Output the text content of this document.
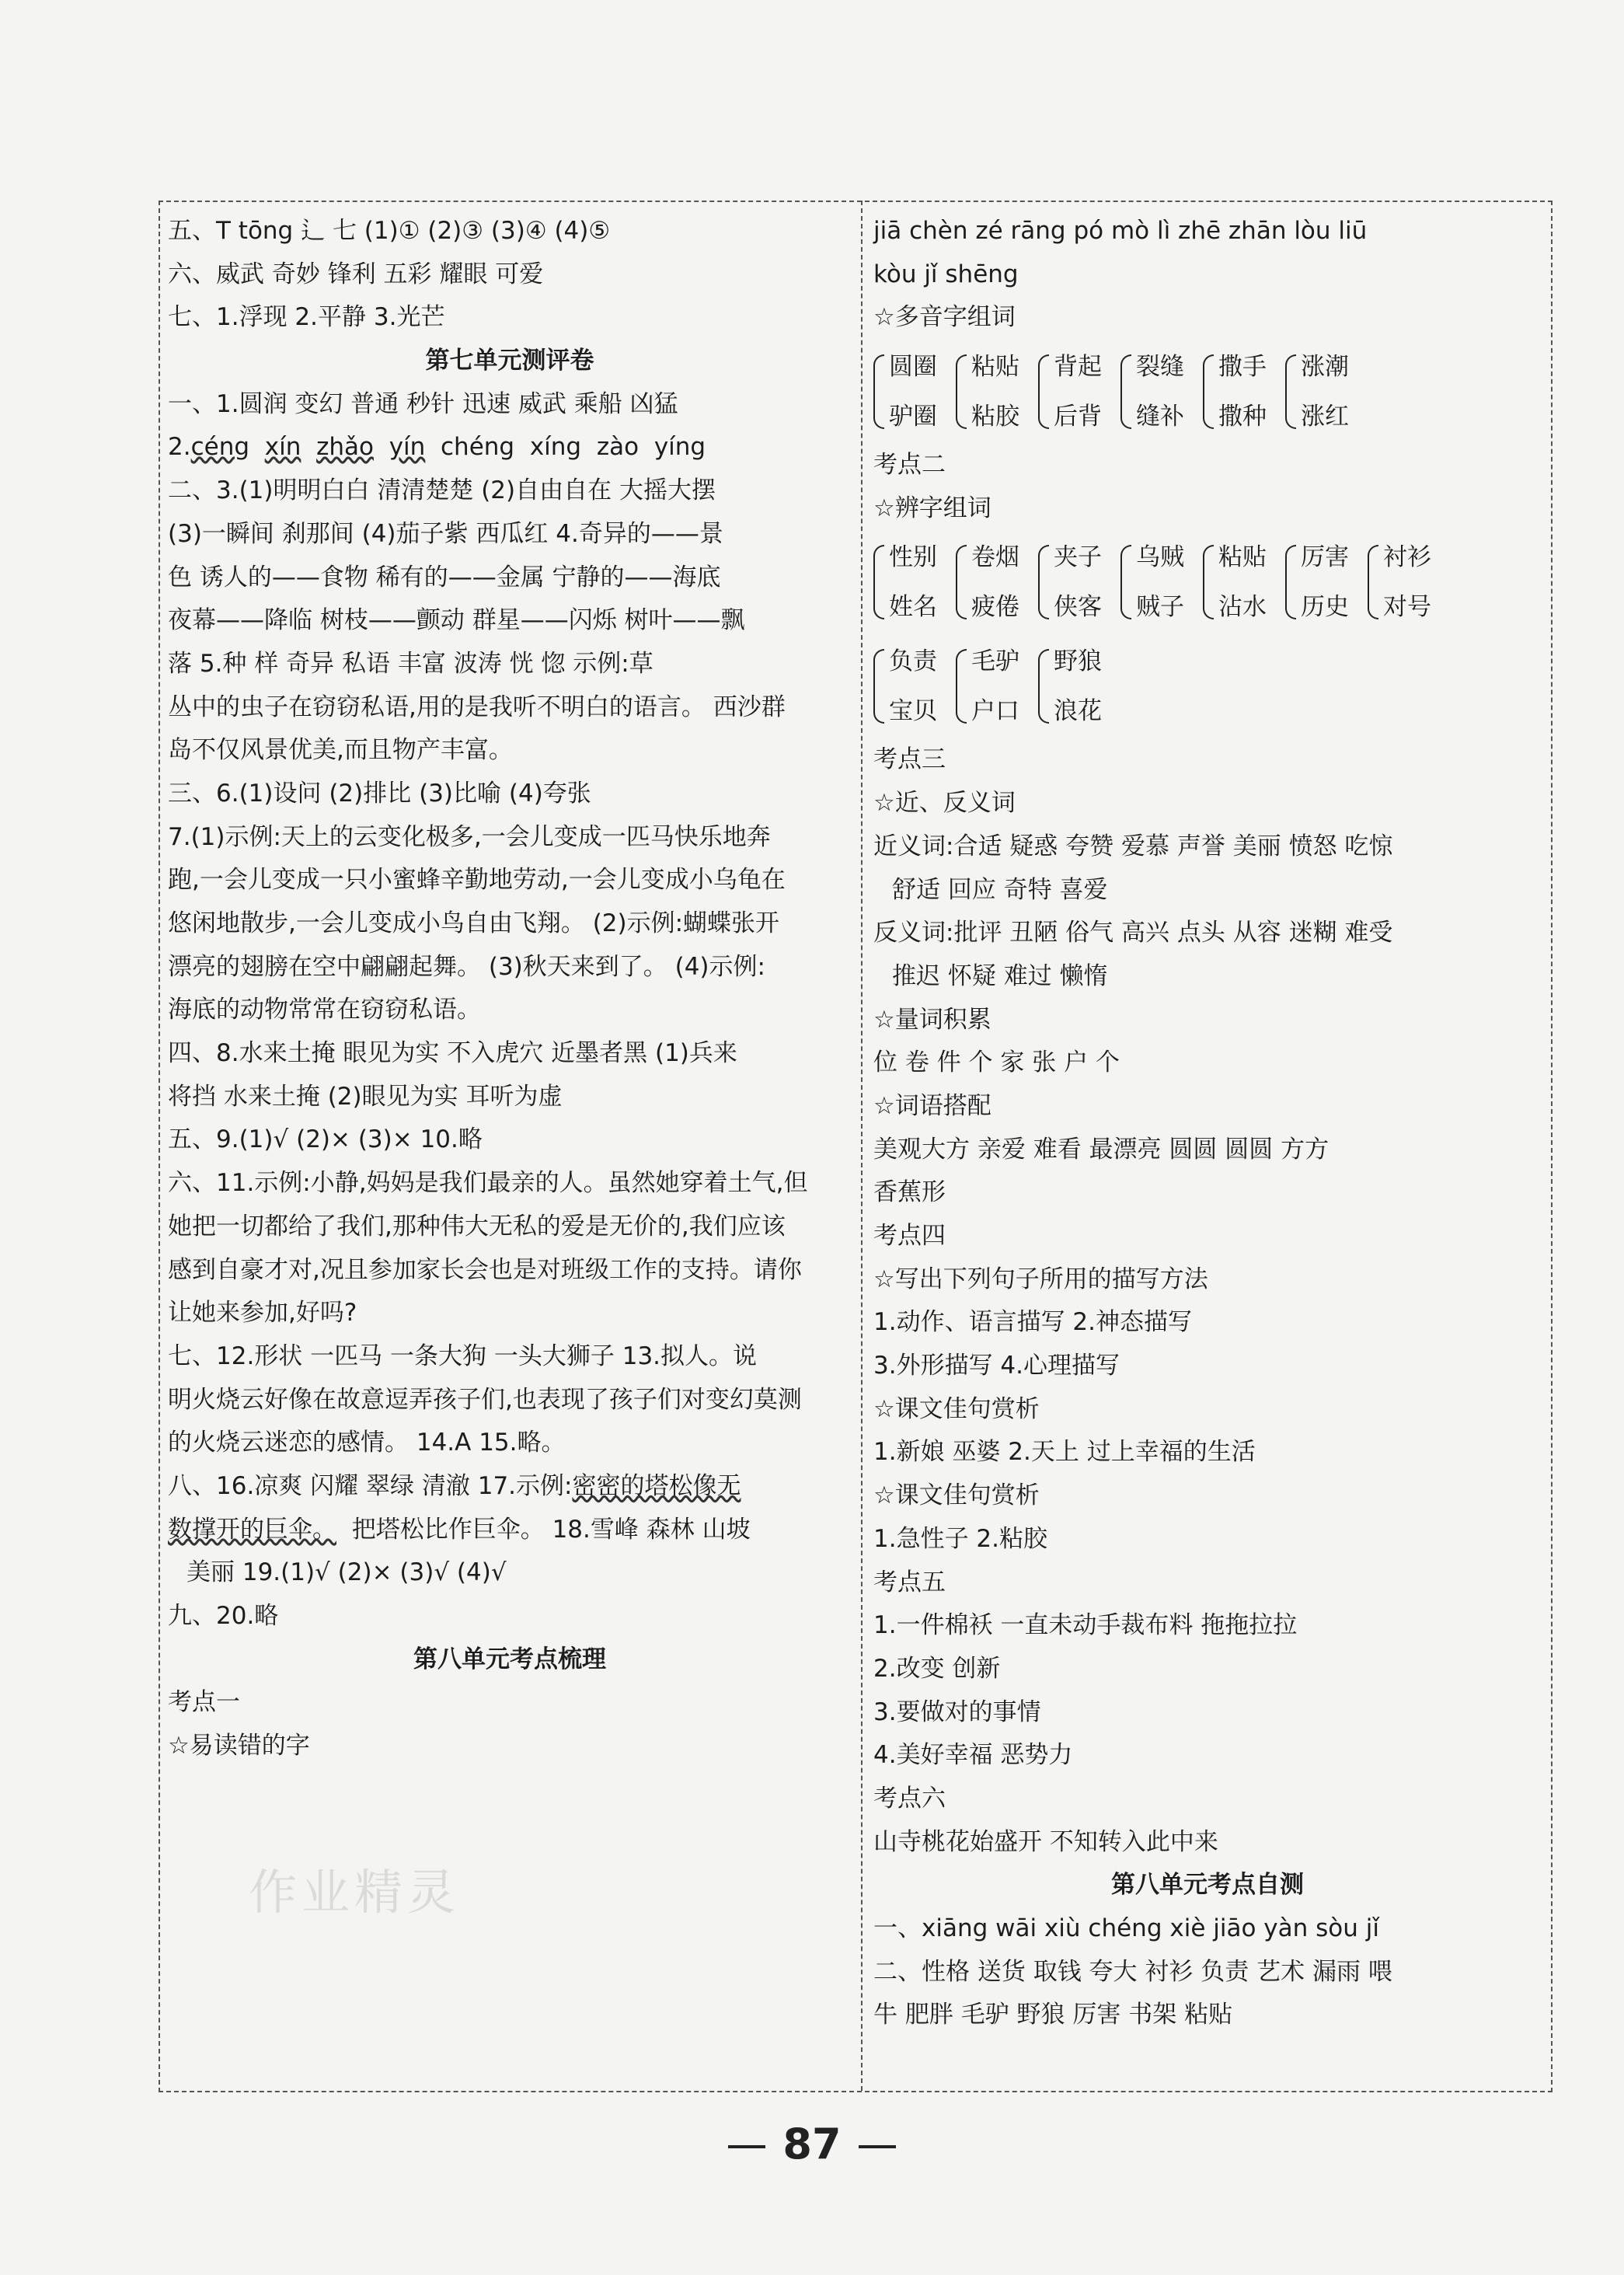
作业精灵
五、T tōng ⻍ 七 (1)① (2)③ (3)④ (4)⑤
六、威武 奇妙 锋利 五彩 耀眼 可爱
七、1.浮现 2.平静 3.光芒
第七单元测评卷
一、1.圆润 变幻 普通 秒针 迅速 威武 乘船 凶猛
2.céng xín zhǎo yín chéng xíng zào yíng
二、3.(1)明明白白 清清楚楚 (2)自由自在 大摇大摆
(3)一瞬间 刹那间 (4)茄子紫 西瓜红 4.奇异的——景
色 诱人的——食物 稀有的——金属 宁静的——海底
夜幕——降临 树枝——颤动 群星——闪烁 树叶——飘
落 5.种 样 奇异 私语 丰富 波涛 恍 惚 示例:草
丛中的虫子在窃窃私语,用的是我听不明白的语言。 西沙群
岛不仅风景优美,而且物产丰富。
三、6.(1)设问 (2)排比 (3)比喻 (4)夸张
7.(1)示例:天上的云变化极多,一会儿变成一匹马快乐地奔
跑,一会儿变成一只小蜜蜂辛勤地劳动,一会儿变成小乌龟在
悠闲地散步,一会儿变成小鸟自由飞翔。 (2)示例:蝴蝶张开
漂亮的翅膀在空中翩翩起舞。 (3)秋天来到了。 (4)示例:
海底的动物常常在窃窃私语。
四、8.水来土掩 眼见为实 不入虎穴 近墨者黑 (1)兵来
将挡 水来土掩 (2)眼见为实 耳听为虚
五、9.(1)√ (2)× (3)× 10.略
六、11.示例:小静,妈妈是我们最亲的人。虽然她穿着土气,但
她把一切都给了我们,那种伟大无私的爱是无价的,我们应该
感到自豪才对,况且参加家长会也是对班级工作的支持。请你
让她来参加,好吗?
七、12.形状 一匹马 一条大狗 一头大狮子 13.拟人。说
明火烧云好像在故意逗弄孩子们,也表现了孩子们对变幻莫测
的火烧云迷恋的感情。 14.A 15.略。
八、16.凉爽 闪耀 翠绿 清澈 17.示例:密密的塔松像无
数撑开的巨伞。 把塔松比作巨伞。 18.雪峰 森林 山坡
美丽 19.(1)√ (2)× (3)√ (4)√
九、20.略
第八单元考点梳理
考点一
☆易读错的字
jiā chèn zé rāng pó mò lì zhē zhān lòu liū
kòu jǐ shēng
☆多音字组词
圆圈
驴圈
粘贴
粘胶
背起
后背
裂缝
缝补
撒手
撒种
涨潮
涨红
考点二
☆辨字组词
性别
姓名
卷烟
疲倦
夹子
侠客
乌贼
贼子
粘贴
沾水
厉害
历史
衬衫
对号
负责
宝贝
毛驴
户口
野狼
浪花
考点三
☆近、反义词
近义词:合适 疑惑 夸赞 爱慕 声誉 美丽 愤怒 吃惊
舒适 回应 奇特 喜爱
反义词:批评 丑陋 俗气 高兴 点头 从容 迷糊 难受
推迟 怀疑 难过 懒惰
☆量词积累
位 卷 件 个 家 张 户 个
☆词语搭配
美观大方 亲爱 难看 最漂亮 圆圆 圆圆 方方
香蕉形
考点四
☆写出下列句子所用的描写方法
1.动作、语言描写 2.神态描写
3.外形描写 4.心理描写
☆课文佳句赏析
1.新娘 巫婆 2.天上 过上幸福的生活
☆课文佳句赏析
1.急性子 2.粘胶
考点五
1.一件棉袄 一直未动手裁布料 拖拖拉拉
2.改变 创新
3.要做对的事情
4.美好幸福 恶势力
考点六
山寺桃花始盛开 不知转入此中来
第八单元考点自测
一、xiāng wāi xiù chéng xiè jiāo yàn sòu jǐ
二、性格 送货 取钱 夸大 衬衫 负责 艺术 漏雨 喂
牛 肥胖 毛驴 野狼 厉害 书架 粘贴
87
